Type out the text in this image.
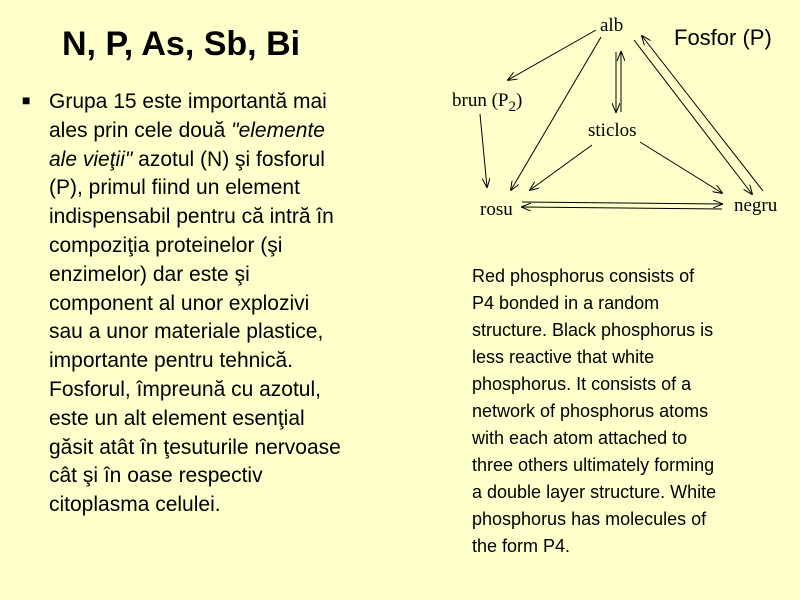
N, P, As, Sb, Bi
■ Grupa 15 este importantă mai
ales prin cele două "elemente
ale vieţii" azotul (N) şi fosforul
(P), primul fiind un element
indispensabil pentru că intră în
compoziţia proteinelor (şi
enzimelor) dar este şi
component al unor explozivi
sau a unor materiale plastice,
importante pentru tehnică.
Fosforul, împreună cu azotul,
este un alt element esenţial
găsit atât în ţesuturile nervoase
cât şi în oase respectiv
citoplasma celulei.
alb
brun $(P_2)$
sticlos
rosu	negru
Fosfor (P)
Red phosphorus consists of
P4 bonded in a random
structure. Black phosphorus is
less reactive that white
phosphorus. It consists of a
network of phosphorus atoms
with each atom attached to
three others ultimately forming
a double layer structure. White
phosphorus has molecules of
the form P4.
